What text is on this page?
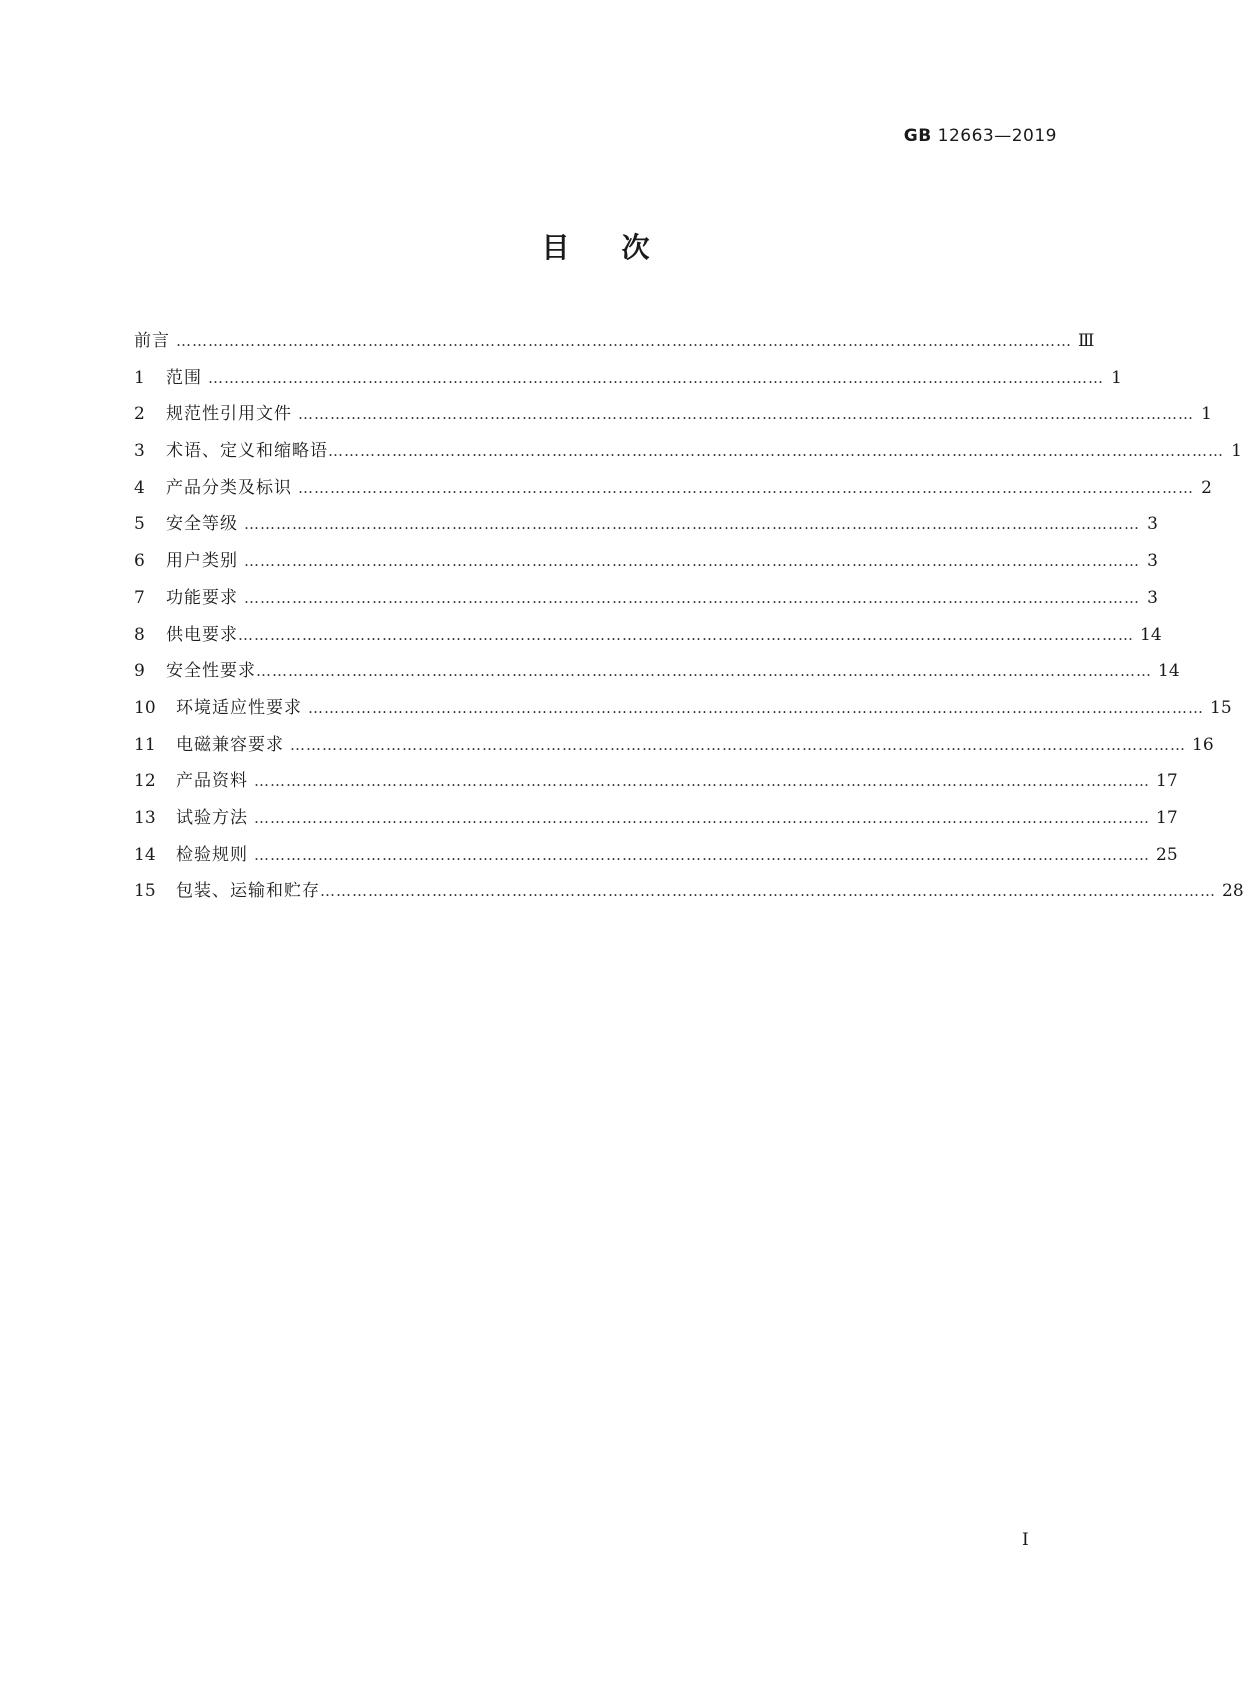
GB 12663—2019
目次
前言 …………………………………………………………………………………………………………………………………………………… Ⅲ
1	范围 …………………………………………………………………………………………………………………………………………………… 1
2	规范性引用文件 …………………………………………………………………………………………………………………………………………………… 1
3	术语、定义和缩略语 …………………………………………………………………………………………………………………………………………………… 1
4	产品分类及标识 …………………………………………………………………………………………………………………………………………………… 2
5	安全等级 …………………………………………………………………………………………………………………………………………………… 3
6	用户类别 …………………………………………………………………………………………………………………………………………………… 3
7	功能要求 …………………………………………………………………………………………………………………………………………………… 3
8	供电要求 …………………………………………………………………………………………………………………………………………………… 14
9	安全性要求 …………………………………………………………………………………………………………………………………………………… 14
10	环境适应性要求 …………………………………………………………………………………………………………………………………………………… 15
11	电磁兼容要求 …………………………………………………………………………………………………………………………………………………… 16
12	产品资料 …………………………………………………………………………………………………………………………………………………… 17
13	试验方法 …………………………………………………………………………………………………………………………………………………… 17
14	检验规则 …………………………………………………………………………………………………………………………………………………… 25
15	包装、运输和贮存 …………………………………………………………………………………………………………………………………………………… 28
Ⅰ
